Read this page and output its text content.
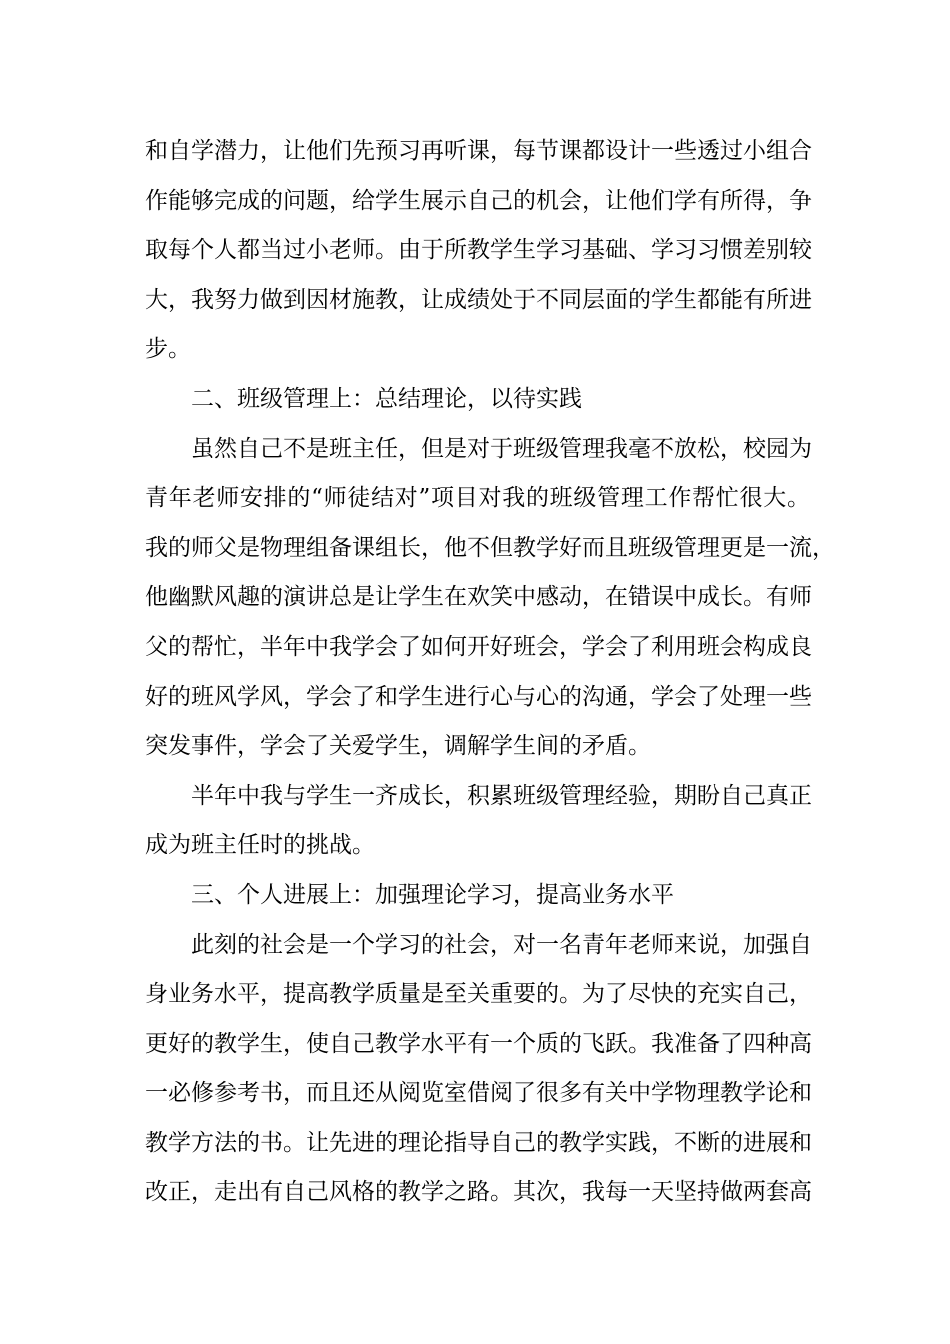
和自学潜力，让他们先预习再听课，每节课都设计一些透过小组合
作能够完成的问题，给学生展示自己的机会，让他们学有所得，争
取每个人都当过小老师。由于所教学生学习基础、学习习惯差别较
大，我努力做到因材施教，让成绩处于不同层面的学生都能有所进
步。
二、班级管理上：总结理论，以待实践
虽然自己不是班主任，但是对于班级管理我毫不放松，校园为
青年老师安排的“师徒结对”项目对我的班级管理工作帮忙很大。
我的师父是物理组备课组长，他不但教学好而且班级管理更是一流，
他幽默风趣的演讲总是让学生在欢笑中感动，在错误中成长。有师
父的帮忙，半年中我学会了如何开好班会，学会了利用班会构成良
好的班风学风，学会了和学生进行心与心的沟通，学会了处理一些
突发事件，学会了关爱学生，调解学生间的矛盾。
半年中我与学生一齐成长，积累班级管理经验，期盼自己真正
成为班主任时的挑战。
三、个人进展上：加强理论学习，提高业务水平
此刻的社会是一个学习的社会，对一名青年老师来说，加强自
身业务水平，提高教学质量是至关重要的。为了尽快的充实自己，
更好的教学生，使自己教学水平有一个质的飞跃。我准备了四种高
一必修参考书，而且还从阅览室借阅了很多有关中学物理教学论和
教学方法的书。让先进的理论指导自己的教学实践，不断的进展和
改正，走出有自己风格的教学之路。其次，我每一天坚持做两套高
